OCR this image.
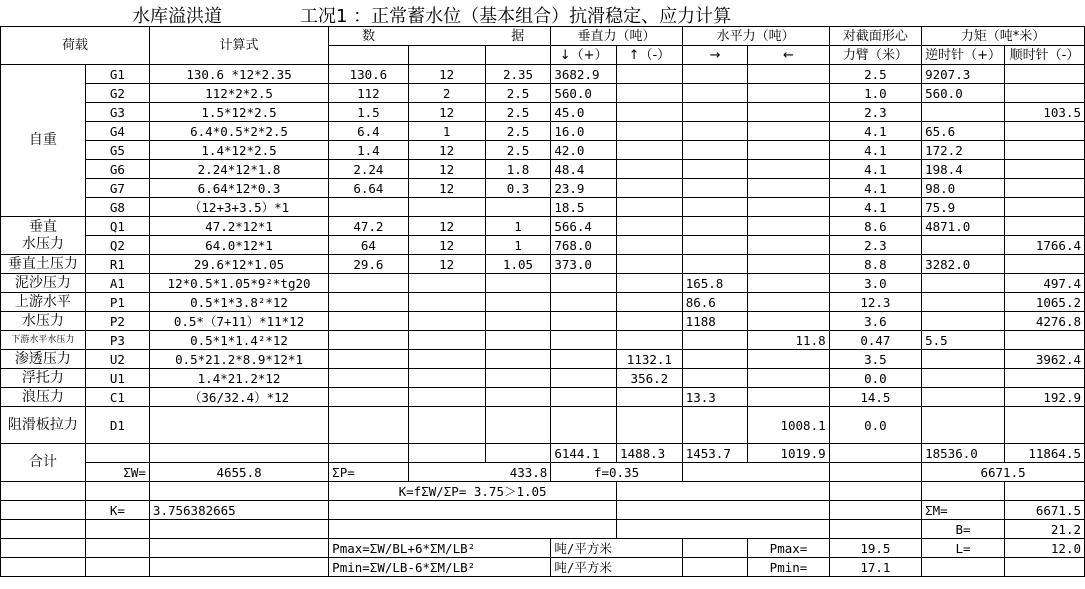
水库溢洪道	工况1 ：正常蓄水位（基本组合）抗滑稳定、应力计算
荷载		计算式	数		据	垂直力（吨）		水平力（吨）		对截面形心	力矩（吨*米）	
						↓（+）	↑（-）	→	←	力臂（米）	逆时针（+）	顺时针（-）
自重	G1	130.6 *12*2.35	130.6	12	2.35	3682.9				2.5	9207.3	
	G2	112*2*2.5	112	2	2.5	560.0				1.0	560.0	
	G3	1.5*12*2.5	1.5	12	2.5	45.0				2.3		103.5
	G4	6.4*0.5*2*2.5	6.4	1	2.5	16.0				4.1	65.6	
	G5	1.4*12*2.5	1.4	12	2.5	42.0				4.1	172.2	
	G6	2.24*12*1.8	2.24	12	1.8	48.4				4.1	198.4	
	G7	6.64*12*0.3	6.64	12	0.3	23.9				4.1	98.0	
	G8	（12+3+3.5）*1				18.5				4.1	75.9	
垂直
水压力	Q1	47.2*12*1	47.2	12	1	566.4				8.6	4871.0	
	Q2	64.0*12*1	64	12	1	768.0				2.3		1766.4
垂直土压力	R1	29.6*12*1.05	29.6	12	1.05	373.0				8.8	3282.0	
泥沙压力	A1	12*0.5*1.05*9²*tg20						165.8		3.0		497.4
上游水平	P1	0.5*1*3.8²*12						86.6		12.3		1065.2
水压力	P2	0.5*（7+11）*11*12						1188		3.6		4276.8
下游水平水压力	P3	0.5*1*1.4²*12							11.8	0.47	5.5	
渗透压力	U2	0.5*21.2*8.9*12*1					1132.1			3.5		3962.4
浮托力	U1	1.4*21.2*12					356.2			0.0		
浪压力	C1	（36/32.4）*12						13.3		14.5		192.9
阻滑板拉力	D1								1008.1	0.0		
合计						6144.1	1488.3	1453.7	1019.9		18536.0	11864.5
	ΣW=	4655.8	ΣP=	433.8		f=0.35					6671.5	
			K=fΣW/ΣP= 3.75＞1.05									
	K=	3.756382665									ΣM=	6671.5
											B=	21.2
			Pmax=ΣW/BL+6*ΣM/LB²			吨/平方米			Pmax=	19.5	L=	12.0
			Pmin=ΣW/LB-6*ΣM/LB²			吨/平方米			Pmin=	17.1		
